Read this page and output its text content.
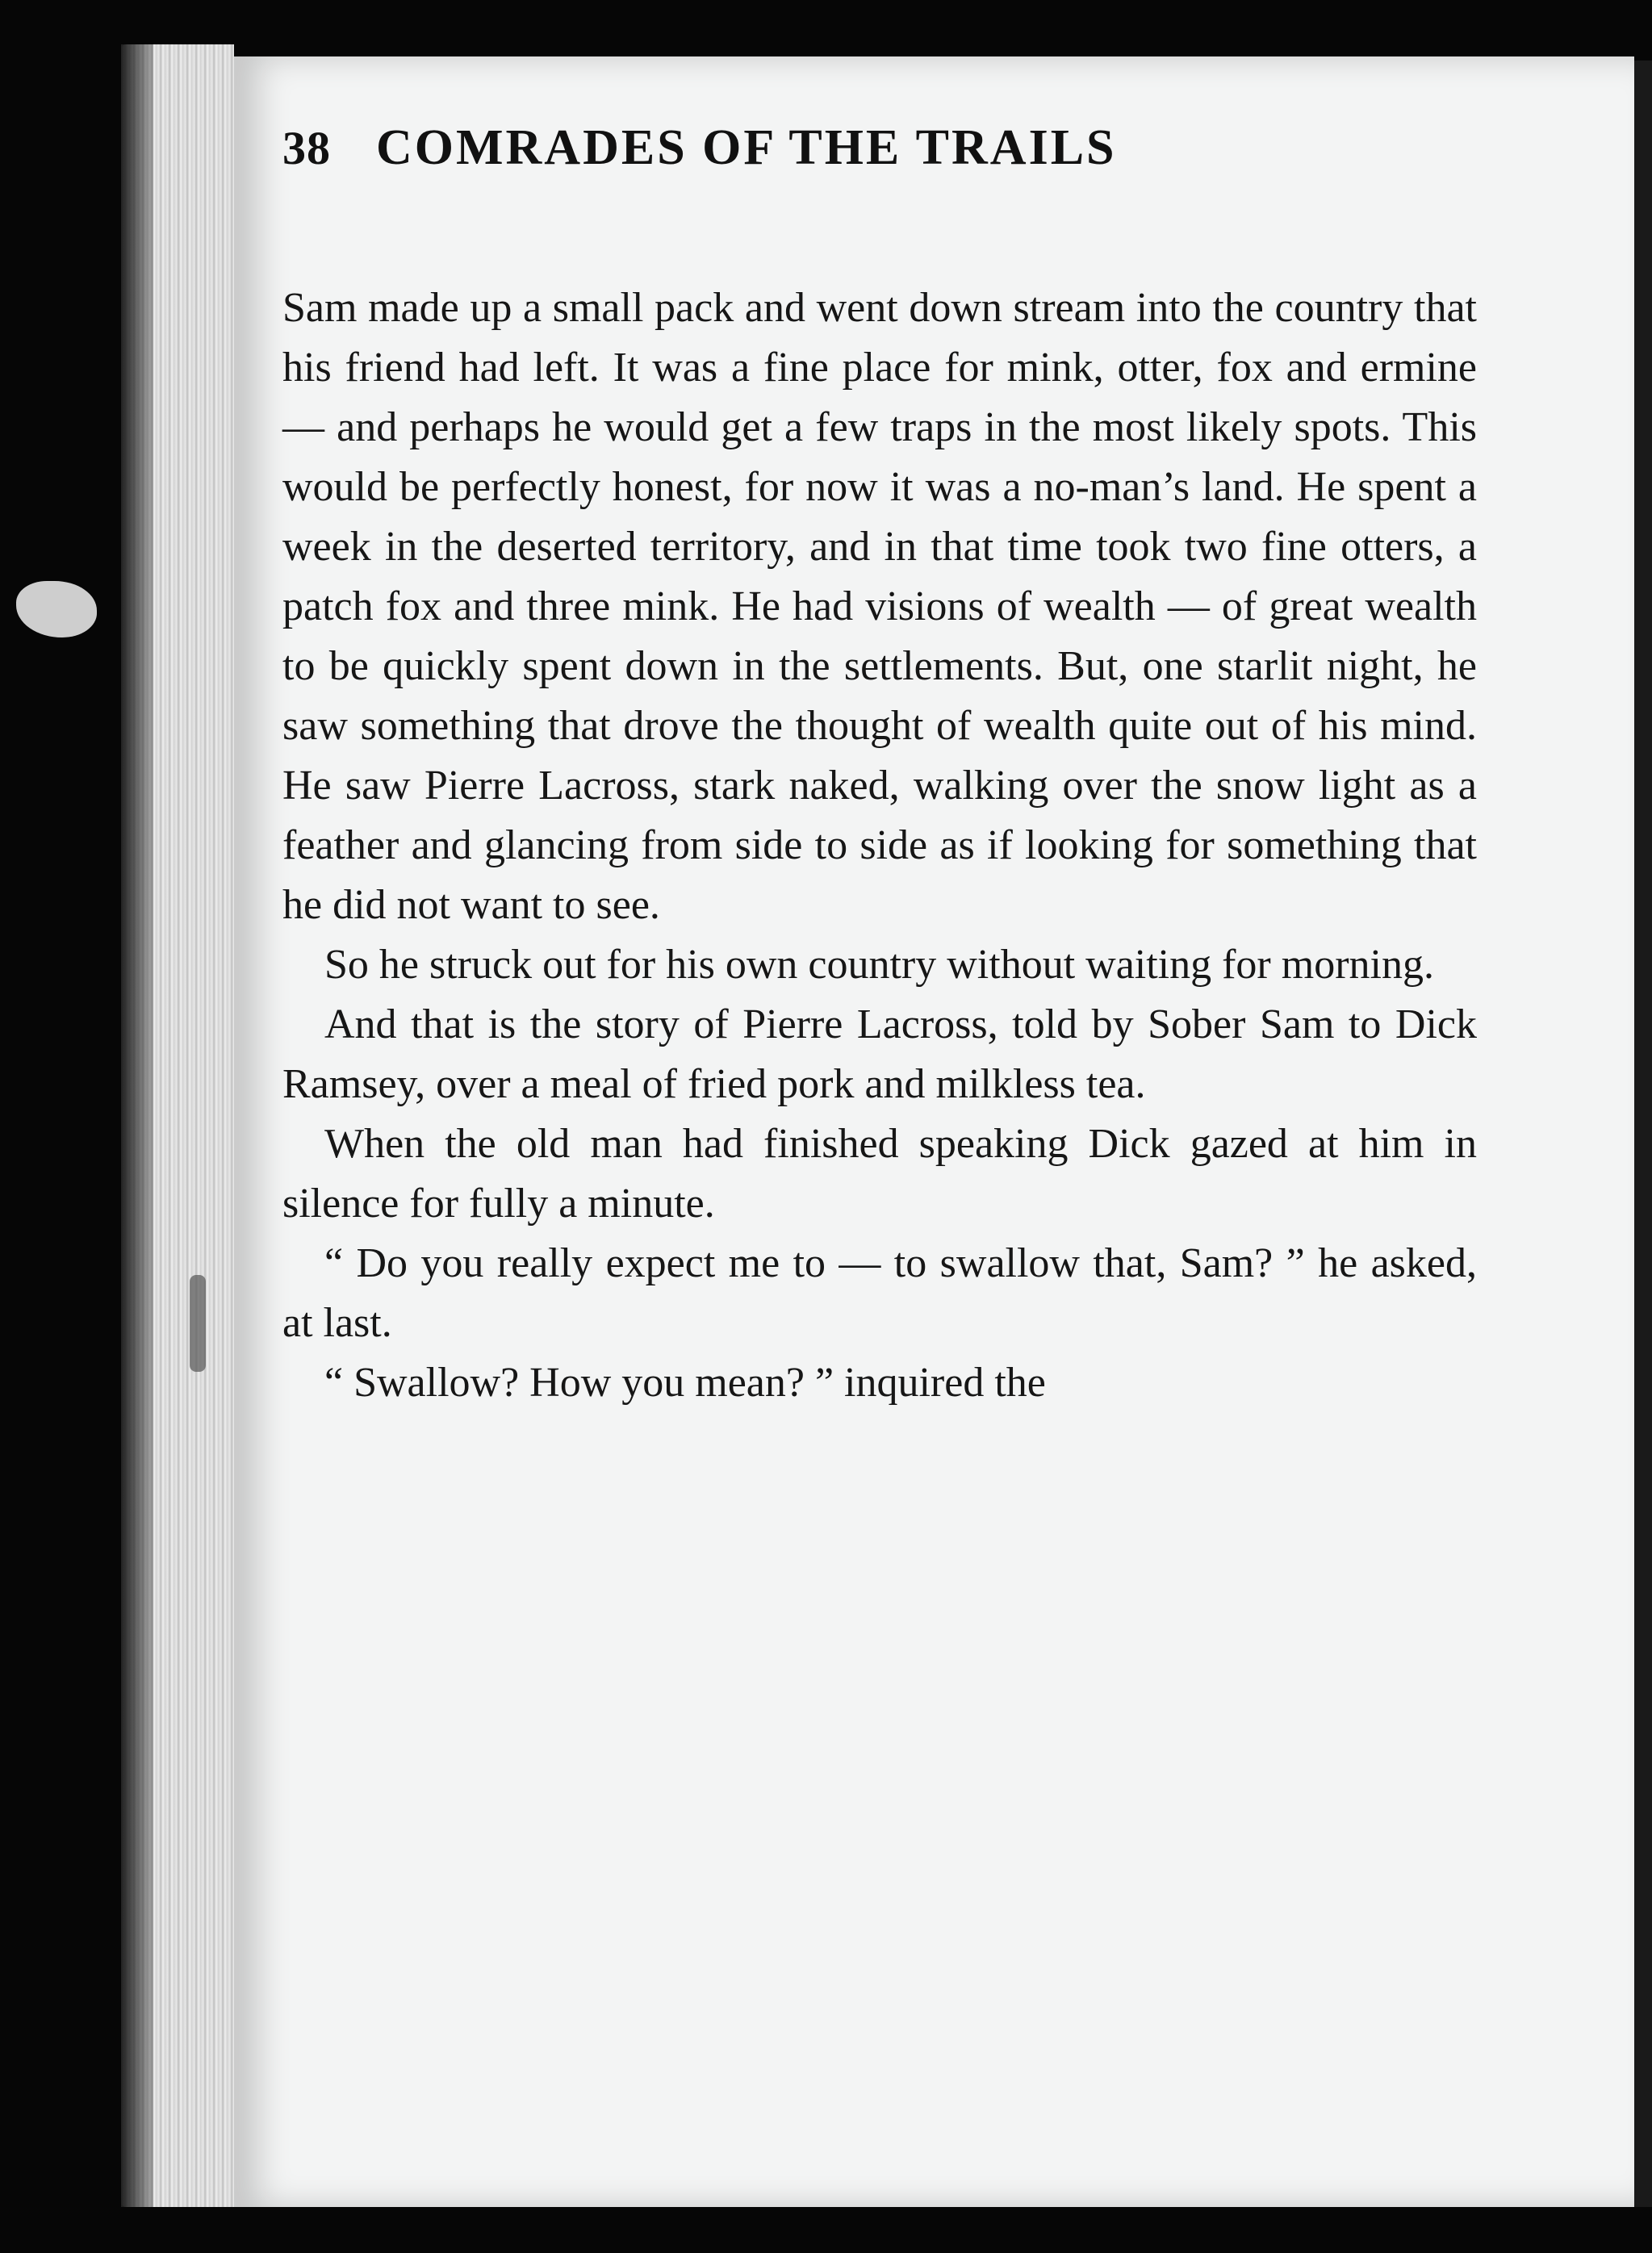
38 COMRADES OF THE TRAILS

Sam made up a small pack and went down stream into the country that his friend had left. It was a fine place for mink, otter, fox and ermine — and perhaps he would get a few traps in the most likely spots. This would be perfectly honest, for now it was a no-man’s land. He spent a week in the deserted territory, and in that time took two fine otters, a patch fox and three mink. He had visions of wealth — of great wealth to be quickly spent down in the settlements. But, one starlit night, he saw something that drove the thought of wealth quite out of his mind. He saw Pierre Lacross, stark naked, walking over the snow light as a feather and glancing from side to side as if looking for something that he did not want to see.

So he struck out for his own country without waiting for morning.

And that is the story of Pierre Lacross, told by Sober Sam to Dick Ramsey, over a meal of fried pork and milkless tea.

When the old man had finished speaking Dick gazed at him in silence for fully a minute.

“ Do you really expect me to — to swallow that, Sam? ” he asked, at last.

“ Swallow? How you mean? ” inquired the
